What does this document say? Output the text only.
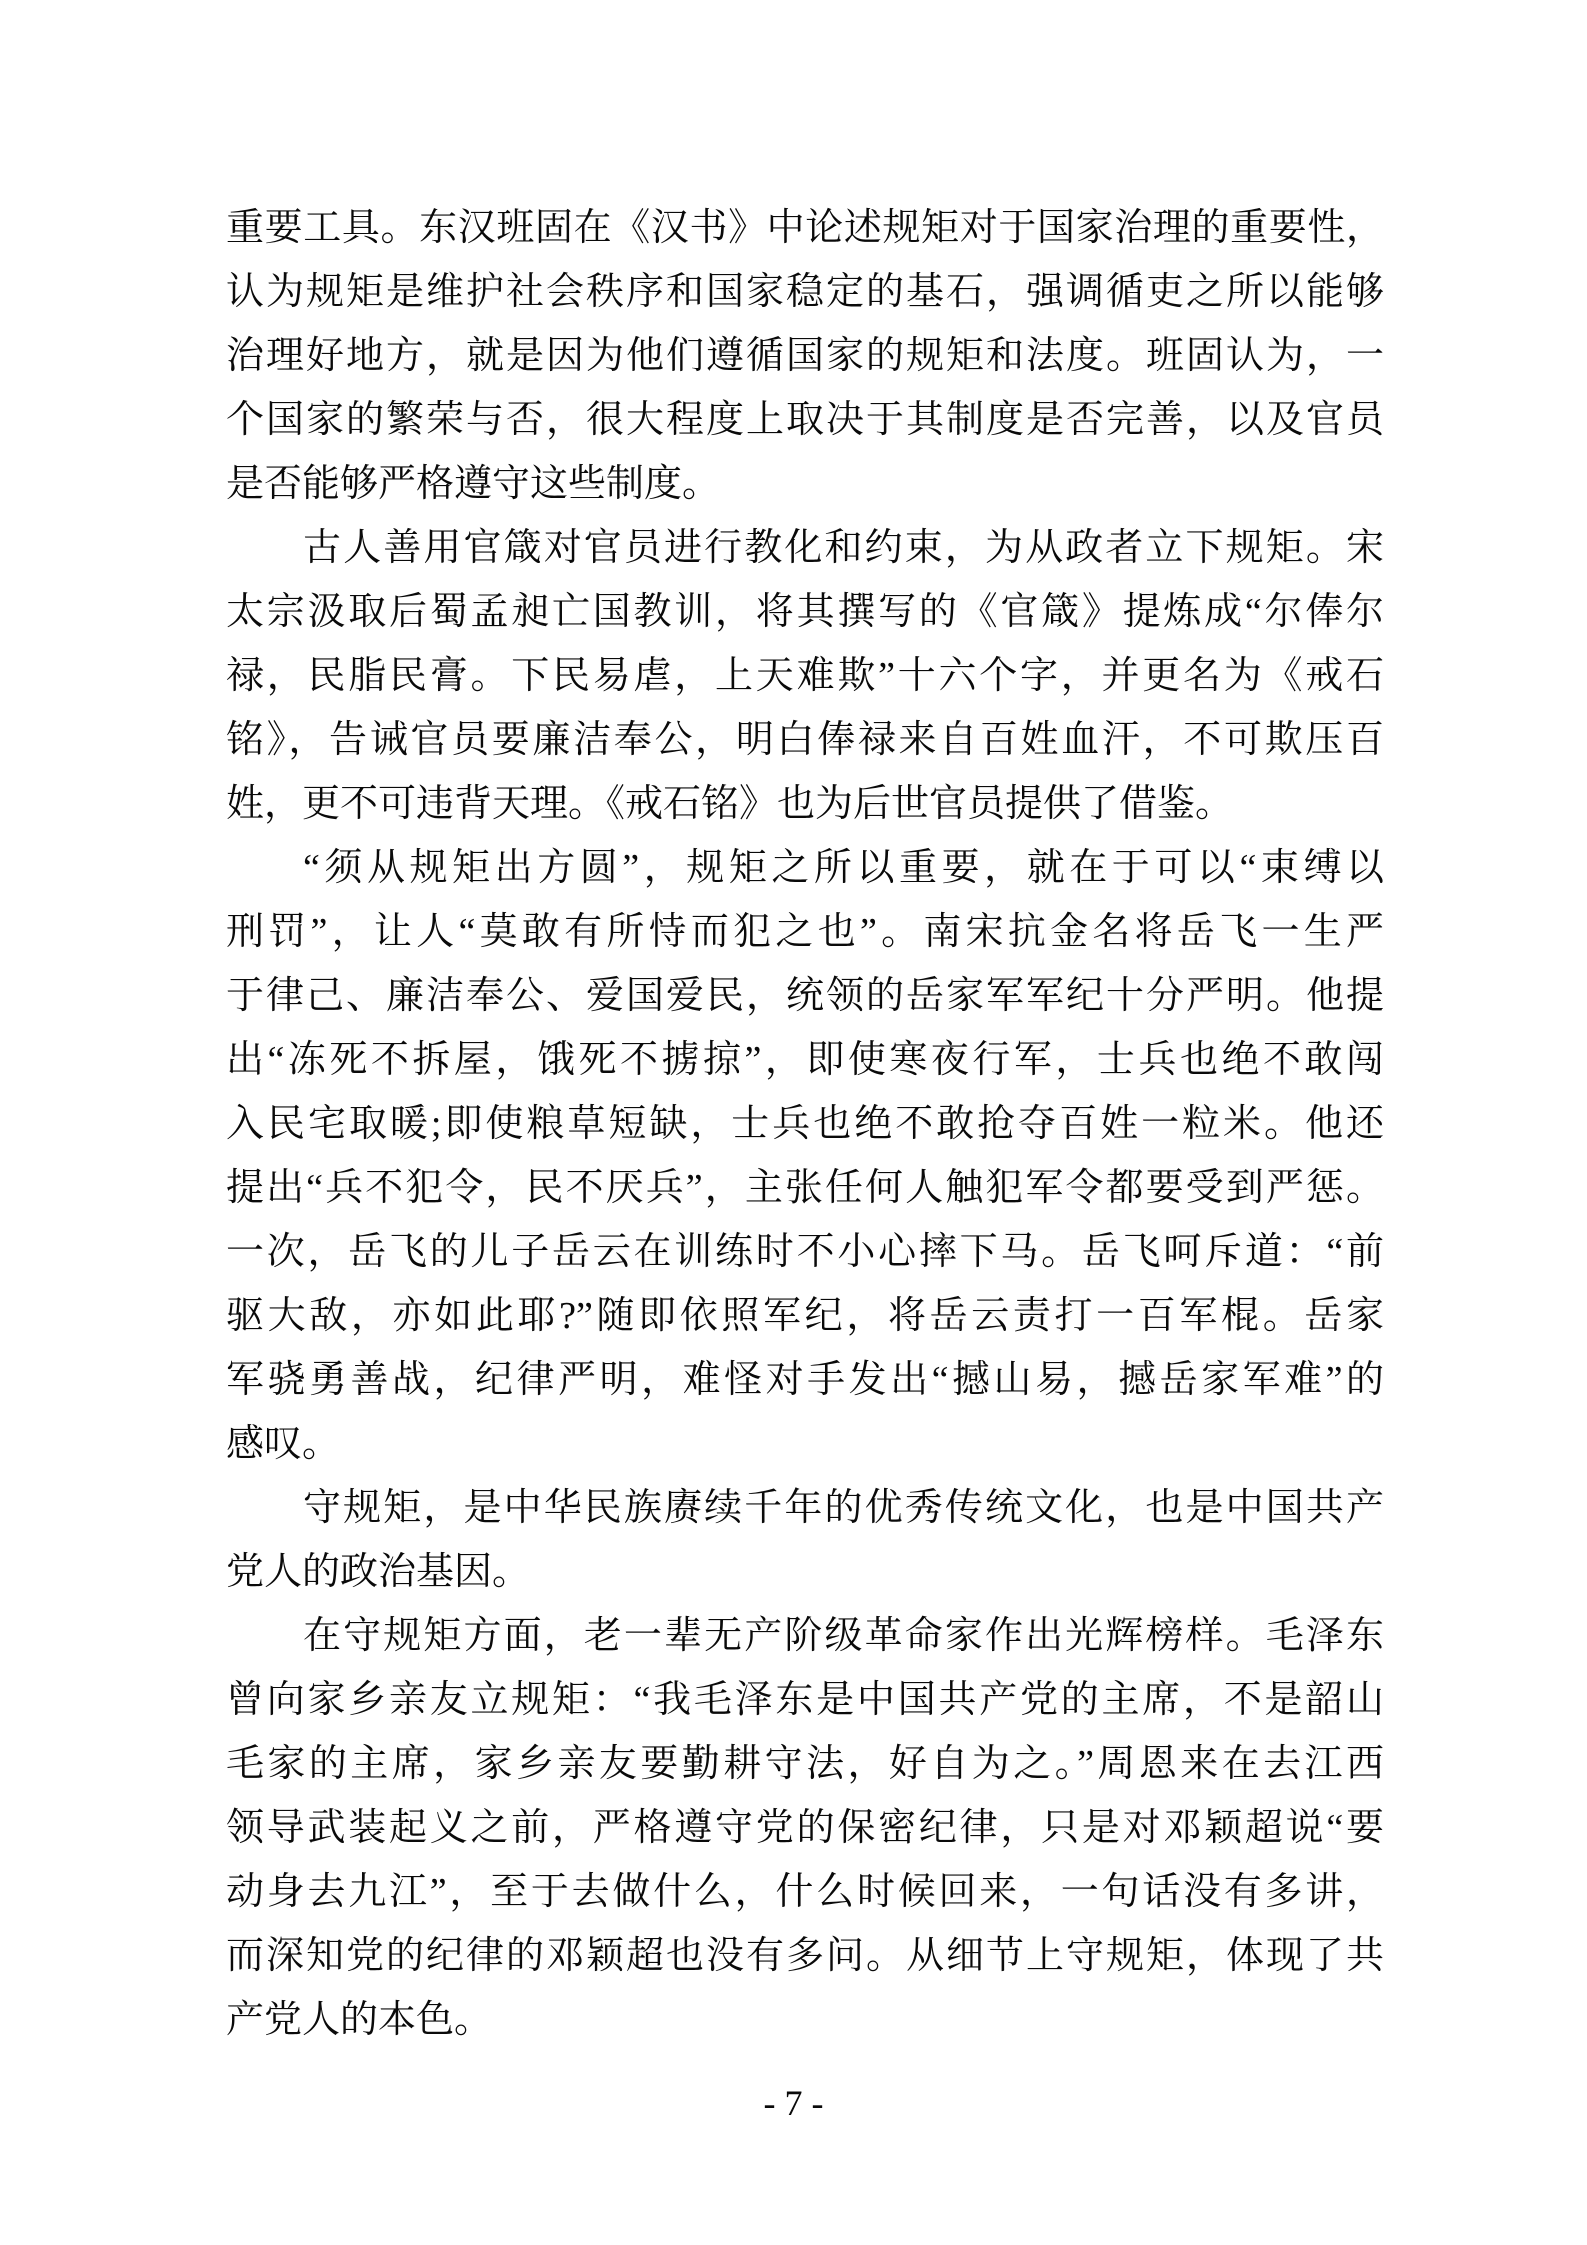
重要工具。东汉班固在《汉书》中论述规矩对于国家治理的重要性，
认为规矩是维护社会秩序和国家稳定的基石，强调循吏之所以能够
治理好地方，就是因为他们遵循国家的规矩和法度。班固认为，一
个国家的繁荣与否，很大程度上取决于其制度是否完善，以及官员
是否能够严格遵守这些制度。
古人善用官箴对官员进行教化和约束，为从政者立下规矩。宋
太宗汲取后蜀孟昶亡国教训，将其撰写的《官箴》提炼成“尔俸尔
禄，民脂民膏。下民易虐，上天难欺”十六个字，并更名为《戒石
铭》，告诫官员要廉洁奉公，明白俸禄来自百姓血汗，不可欺压百
姓，更不可违背天理。《戒石铭》也为后世官员提供了借鉴。
“须从规矩出方圆”，规矩之所以重要，就在于可以“束缚以
刑罚”，让人“莫敢有所恃而犯之也”。南宋抗金名将岳飞一生严
于律己、廉洁奉公、爱国爱民，统领的岳家军军纪十分严明。他提
出“冻死不拆屋，饿死不掳掠”，即使寒夜行军，士兵也绝不敢闯
入民宅取暖;即使粮草短缺，士兵也绝不敢抢夺百姓一粒米。他还
提出“兵不犯令，民不厌兵”，主张任何人触犯军令都要受到严惩。
一次，岳飞的儿子岳云在训练时不小心摔下马。岳飞呵斥道：“前
驱大敌，亦如此耶?”随即依照军纪，将岳云责打一百军棍。岳家
军骁勇善战，纪律严明，难怪对手发出“撼山易，撼岳家军难”的
感叹。
守规矩，是中华民族赓续千年的优秀传统文化，也是中国共产
党人的政治基因。
在守规矩方面，老一辈无产阶级革命家作出光辉榜样。毛泽东
曾向家乡亲友立规矩：“我毛泽东是中国共产党的主席，不是韶山
毛家的主席，家乡亲友要勤耕守法，好自为之。”周恩来在去江西
领导武装起义之前，严格遵守党的保密纪律，只是对邓颖超说“要
动身去九江”，至于去做什么，什么时候回来，一句话没有多讲，
而深知党的纪律的邓颖超也没有多问。从细节上守规矩，体现了共
产党人的本色。
- 7 -
